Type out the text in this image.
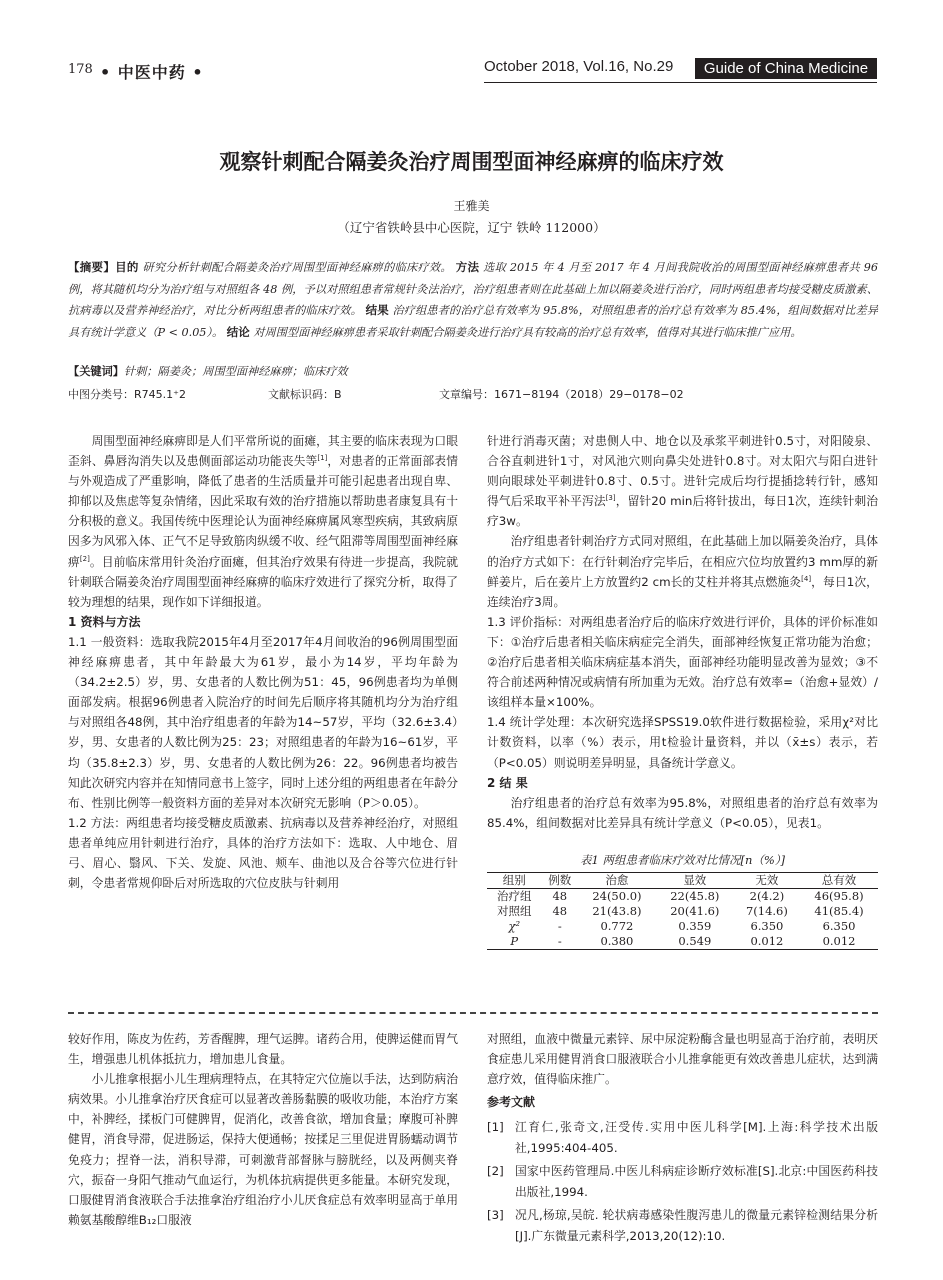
178 • 中医中药 •	October 2018, Vol.16, No.29	Guide of China Medicine
观察针刺配合隔姜灸治疗周围型面神经麻痹的临床疗效
王雅美
（辽宁省铁岭县中心医院，辽宁 铁岭 112000）
【摘要】目的 研究分析针刺配合隔姜灸治疗周围型面神经麻痹的临床疗效。 方法 选取 2015 年 4 月至 2017 年 4 月间我院收治的周围型面神经麻痹患者共 96 例，将其随机均分为治疗组与对照组各 48 例，予以对照组患者常规针灸法治疗，治疗组患者则在此基础上加以隔姜灸进行治疗，同时两组患者均接受糖皮质激素、抗病毒以及营养神经治疗，对比分析两组患者的临床疗效。 结果 治疗组患者的治疗总有效率为 95.8%，对照组患者的治疗总有效率为 85.4%，组间数据对比差异具有统计学意义（P < 0.05）。 结论 对周围型面神经麻痹患者采取针刺配合隔姜灸进行治疗具有较高的治疗总有效率，值得对其进行临床推广应用。
【关键词】针刺；隔姜灸；周围型面神经麻痹；临床疗效
中图分类号：R745.1⁺2	文献标识码：B	文章编号：1671−8194（2018）29−0178−02

周围型面神经麻痹即是人们平常所说的面瘫，其主要的临床表现为口眼歪斜、鼻唇沟消失以及患侧面部运动功能丧失等[1]，对患者的正常面部表情与外观造成了严重影响，降低了患者的生活质量并可能引起患者出现自卑、抑郁以及焦虑等复杂情绪，因此采取有效的治疗措施以帮助患者康复具有十分积极的意义。我国传统中医理论认为面神经麻痹属风寒型疾病，其致病原因多为风邪入体、正气不足导致筋肉纵缓不收、经气阻滞等周围型面神经麻痹[2]。目前临床常用针灸治疗面瘫，但其治疗效果有待进一步提高，我院就针刺联合隔姜灸治疗周围型面神经麻痹的临床疗效进行了探究分析，取得了较为理想的结果，现作如下详细报道。

1 资料与方法

1.1 一般资料：选取我院2015年4月至2017年4月间收治的96例周围型面神经麻痹患者，其中年龄最大为61岁，最小为14岁，平均年龄为（34.2±2.5）岁，男、女患者的人数比例为51：45，96例患者均为单侧面部发病。根据96例患者入院治疗的时间先后顺序将其随机均分为治疗组与对照组各48例，其中治疗组患者的年龄为14~57岁，平均（32.6±3.4）岁，男、女患者的人数比例为25：23；对照组患者的年龄为16~61岁，平均（35.8±2.3）岁，男、女患者的人数比例为26：22。96例患者均被告知此次研究内容并在知情同意书上签字，同时上述分组的两组患者在年龄分布、性别比例等一般资料方面的差异对本次研究无影响（P＞0.05）。

1.2 方法：两组患者均接受糖皮质激素、抗病毒以及营养神经治疗，对照组患者单纯应用针刺进行治疗，具体的治疗方法如下：选取、人中地仓、眉弓、眉心、翳风、下关、发旋、风池、颊车、曲池以及合谷等穴位进行针刺，令患者常规仰卧后对所选取的穴位皮肤与针刺用

针进行消毒灭菌；对患侧人中、地仓以及承浆平刺进针0.5寸，对阳陵泉、合谷直刺进针1寸，对风池穴则向鼻尖处进针0.8寸。对太阳穴与阳白进针则向眼球处平刺进针0.8寸、0.5寸。进针完成后均行提插捻转行针，感知得气后采取平补平泻法[3]，留针20 min后将针拔出，每日1次，连续针刺治疗3w。

治疗组患者针刺治疗方式同对照组，在此基础上加以隔姜灸治疗，具体的治疗方式如下：在行针刺治疗完毕后，在相应穴位均放置约3 mm厚的新鲜姜片，后在姜片上方放置约2 cm长的艾柱并将其点燃施灸[4]，每日1次，连续治疗3周。

1.3 评价指标：对两组患者治疗后的临床疗效进行评价，具体的评价标准如下：①治疗后患者相关临床病症完全消失，面部神经恢复正常功能为治愈；②治疗后患者相关临床病症基本消失，面部神经功能明显改善为显效；③不符合前述两种情况或病情有所加重为无效。治疗总有效率=（治愈+显效）/该组样本量×100%。

1.4 统计学处理：本次研究选择SPSS19.0软件进行数据检验，采用χ²对比计数资料，以率（%）表示，用t检验计量资料，并以（x̄±s）表示，若（P<0.05）则说明差异明显，具备统计学意义。

2 结 果

治疗组患者的治疗总有效率为95.8%，对照组患者的治疗总有效率为85.4%，组间数据对比差异具有统计学意义（P<0.05），见表1。

表1 两组患者临床疗效对比情况[n（%）]
组别	例数	治愈	显效	无效	总有效
治疗组	48	24(50.0)	22(45.8)	2(4.2)	46(95.8)
对照组	48	21(43.8)	20(41.6)	7(14.6)	41(85.4)
χ²	-	0.772	0.359	6.350	6.350
P	-	0.380	0.549	0.012	0.012

较好作用，陈皮为佐药，芳香醒脾，理气运脾。诸药合用，使脾运健而胃气生，增强患儿机体抵抗力，增加患儿食量。

小儿推拿根据小儿生理病理特点，在其特定穴位施以手法，达到防病治病效果。小儿推拿治疗厌食症可以显著改善肠黏膜的吸收功能，本治疗方案中，补脾经，揉板门可健脾胃，促消化，改善食欲，增加食量；摩腹可补脾健胃，消食导滞，促进肠运，保持大便通畅；按揉足三里促进胃肠蠕动调节免疫力；捏脊一法，消积导滞，可刺激背部督脉与膀胱经，以及两侧夹脊穴，振奋一身阳气推动气血运行，为机体抗病提供更多能量。本研究发现，口服健胃消食液联合手法推拿治疗组治疗小儿厌食症总有效率明显高于单用赖氨基酸醇维B₁₂口服液

对照组，血液中微量元素锌、尿中尿淀粉酶含量也明显高于治疗前，表明厌食症患儿采用健胃消食口服液联合小儿推拿能更有效改善患儿症状，达到满意疗效，值得临床推广。

参考文献
[1] 江育仁,张奇文,汪受传.实用中医儿科学[M].上海:科学技术出版社,1995:404-405.
[2] 国家中医药管理局.中医儿科病症诊断疗效标准[S].北京:中国医药科技出版社,1994.
[3] 况凡,杨琼,吴皖. 轮状病毒感染性腹泻患儿的微量元素锌检测结果分析[J].广东微量元素科学,2013,20(12):10.
